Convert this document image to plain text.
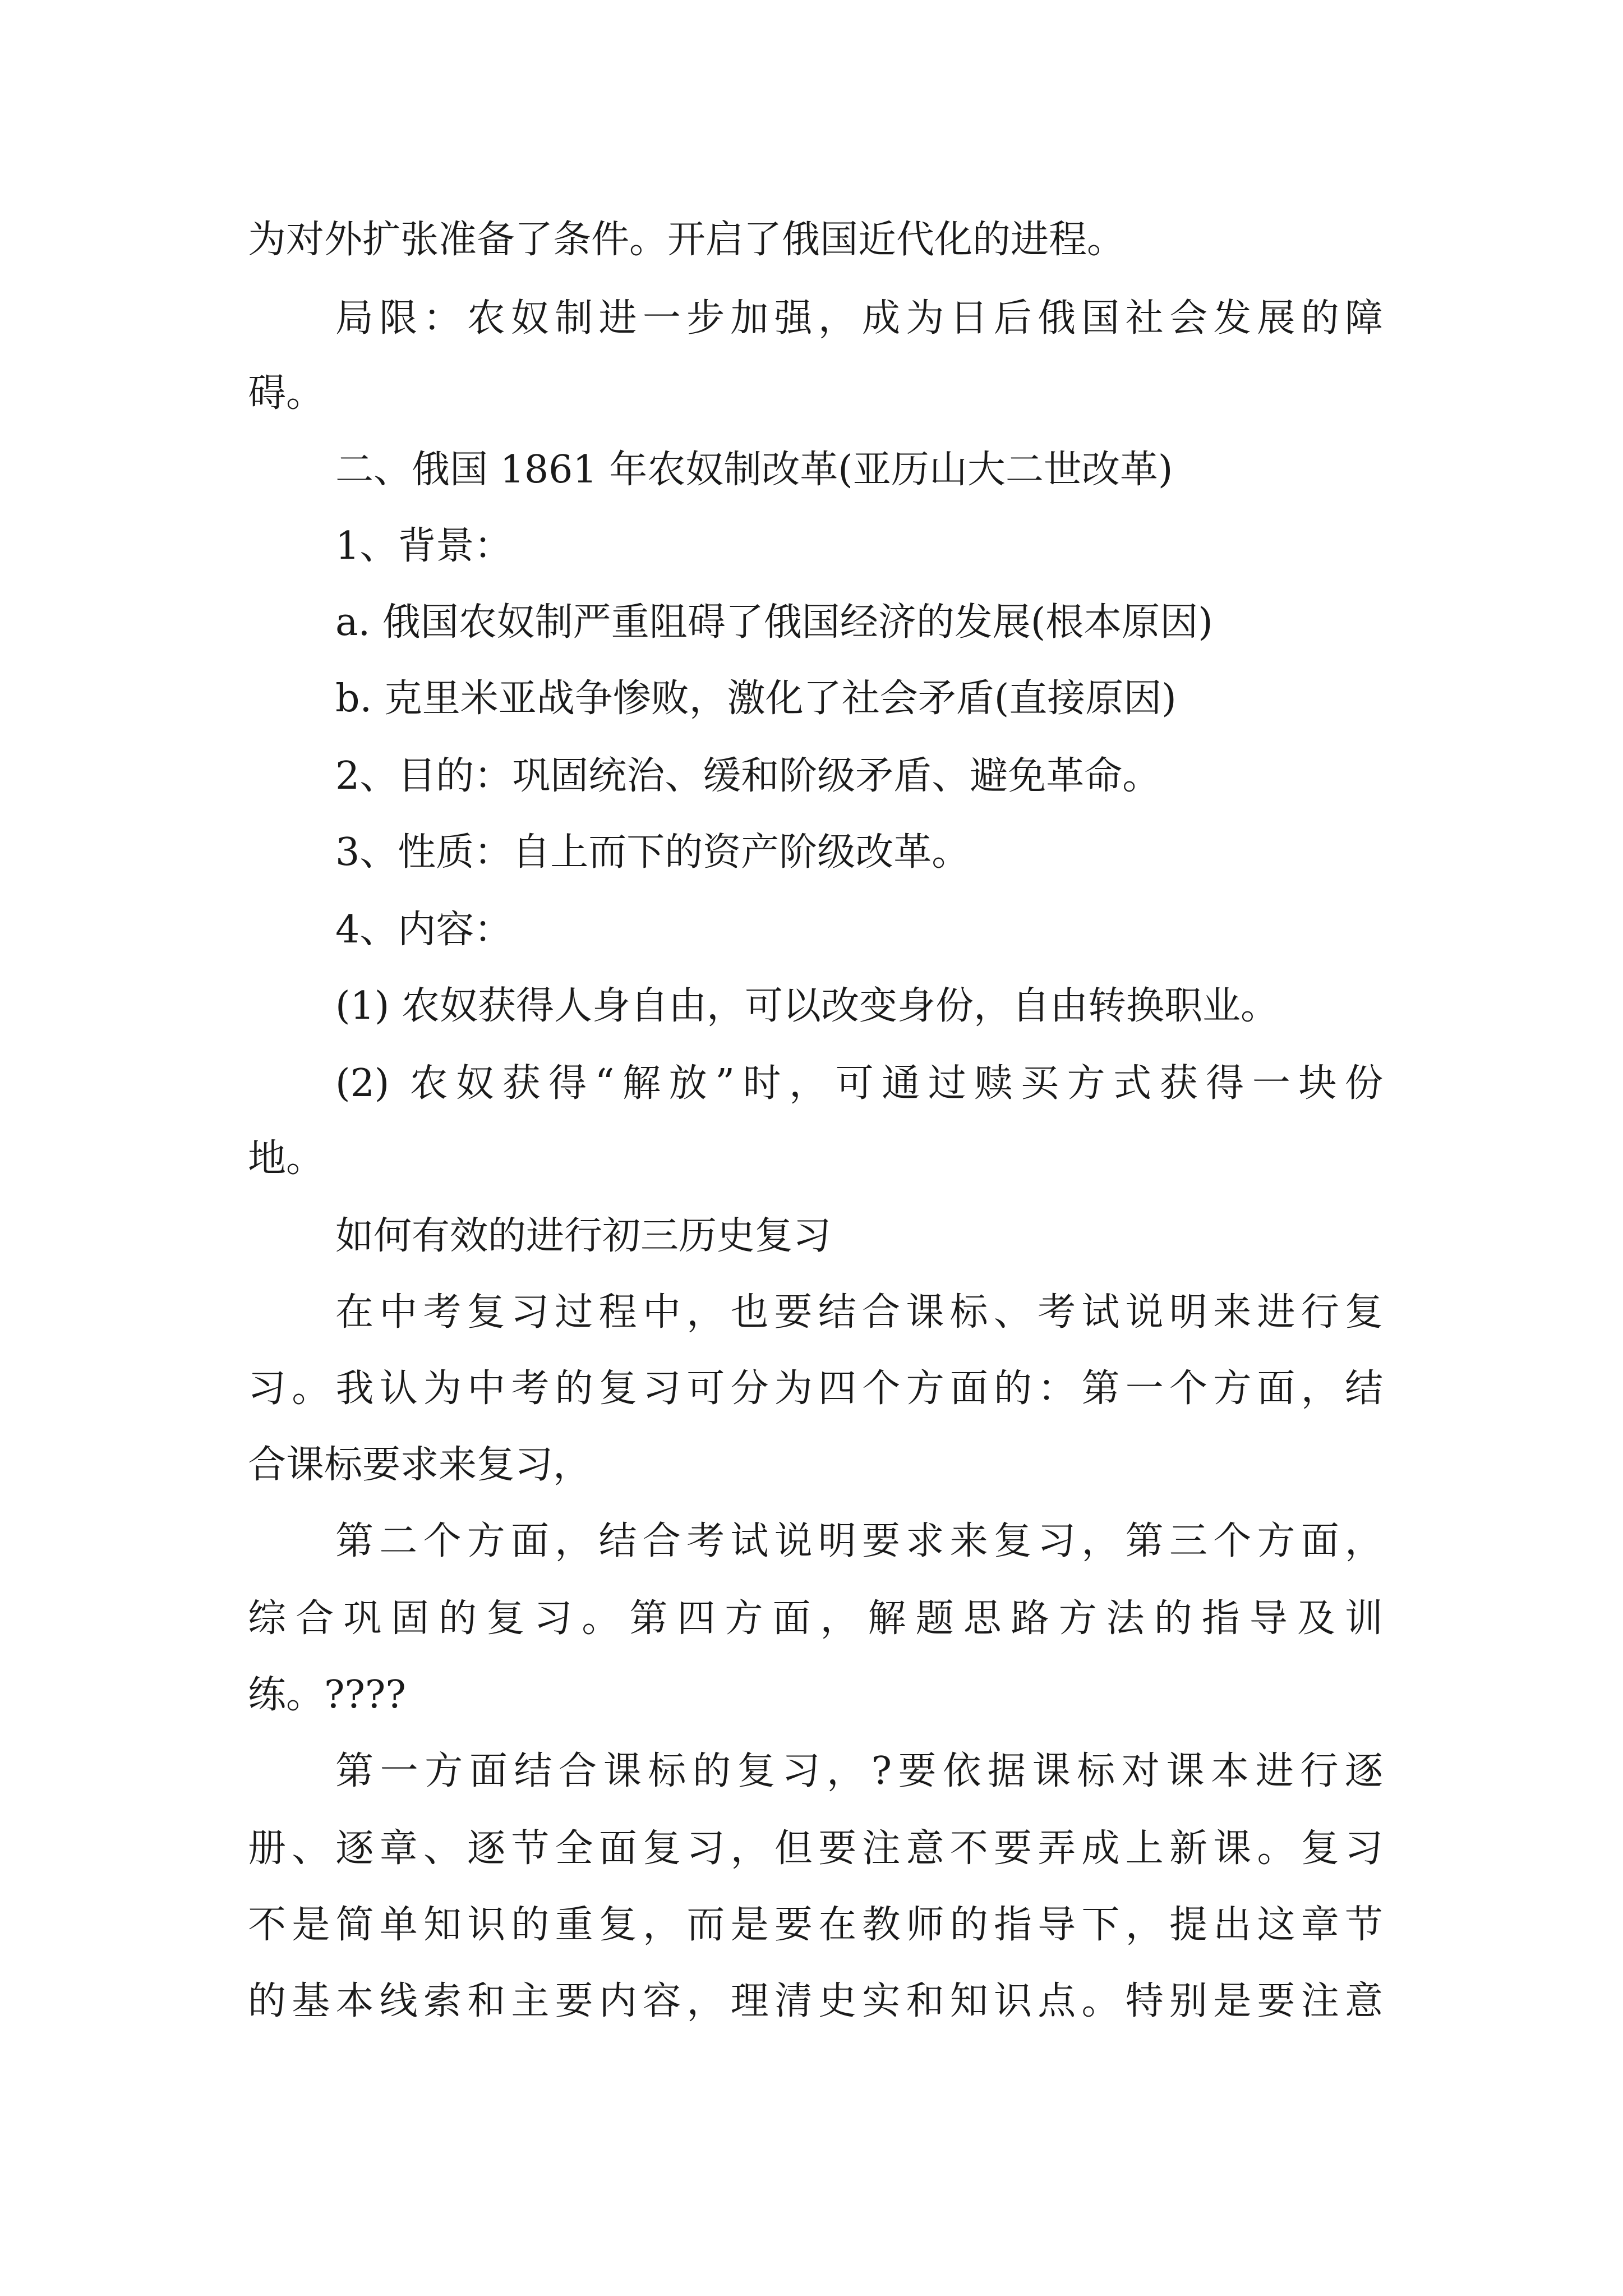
为对外扩张准备了条件。开启了俄国近代化的进程。
局限：农奴制进一步加强，成为日后俄国社会发展的障
碍。
二、俄国 1861 年农奴制改革(亚历山大二世改革)
1、背景：
a. 俄国农奴制严重阻碍了俄国经济的发展(根本原因)
b. 克里米亚战争惨败，激化了社会矛盾(直接原因)
2、目的：巩固统治、缓和阶级矛盾、避免革命。
3、性质：自上而下的资产阶级改革。
4、内容：
(1) 农奴获得人身自由，可以改变身份，自由转换职业。
(2) 农奴获得“解放”时，可通过赎买方式获得一块份
地。
如何有效的进行初三历史复习
在中考复习过程中，也要结合课标、考试说明来进行复
习。我认为中考的复习可分为四个方面的：第一个方面，结
合课标要求来复习，
第二个方面，结合考试说明要求来复习，第三个方面，
综合巩固的复习。第四方面，解题思路方法的指导及训
练。????
第一方面结合课标的复习，?要依据课标对课本进行逐
册、逐章、逐节全面复习，但要注意不要弄成上新课。复习
不是简单知识的重复，而是要在教师的指导下，提出这章节
的基本线索和主要内容，理清史实和知识点。特别是要注意
